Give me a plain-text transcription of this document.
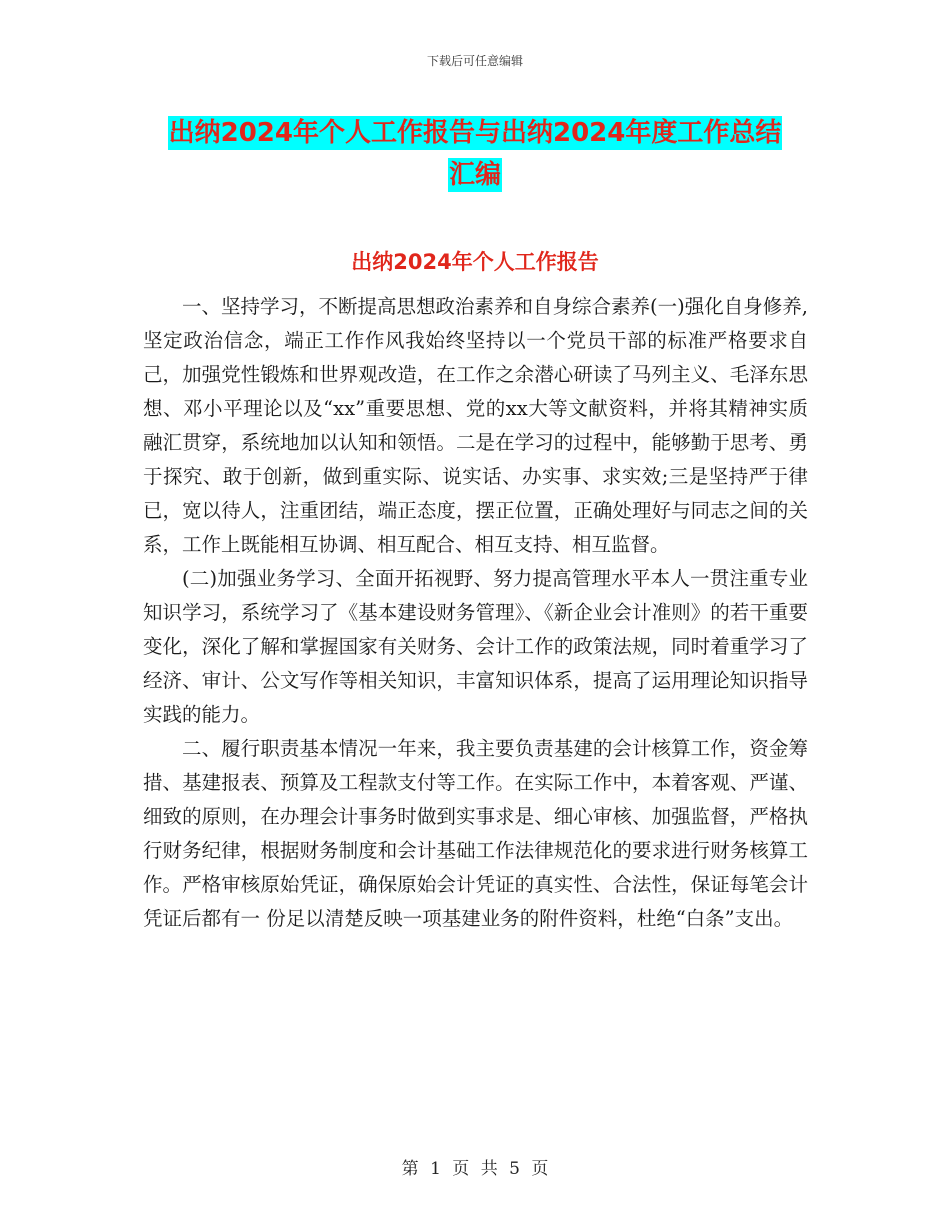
下载后可任意编辑
出纳2024年个人工作报告与出纳2024年度工作总结
汇编
出纳2024年个人工作报告

一、坚持学习，不断提高思想政治素养和自身综合素养(一)强化自身修养,坚定政治信念，端正工作作风我始终坚持以一个党员干部的标准严格要求自己，加强党性锻炼和世界观改造，在工作之余潜心研读了马列主义、毛泽东思想、邓小平理论以及“xx”重要思想、党的xx大等文献资料，并将其精神实质融汇贯穿，系统地加以认知和领悟。二是在学习的过程中，能够勤于思考、勇于探究、敢于创新，做到重实际、说实话、办实事、求实效;三是坚持严于律已，宽以待人，注重团结，端正态度，摆正位置，正确处理好与同志之间的关系，工作上既能相互协调、相互配合、相互支持、相互监督。

(二)加强业务学习、全面开拓视野、努力提高管理水平本人一贯注重专业知识学习，系统学习了《基本建设财务管理》、《新企业会计准则》的若干重要变化，深化了解和掌握国家有关财务、会计工作的政策法规，同时着重学习了经济、审计、公文写作等相关知识，丰富知识体系，提高了运用理论知识指导实践的能力。

二、履行职责基本情况一年来，我主要负责基建的会计核算工作，资金筹措、基建报表、预算及工程款支付等工作。在实际工作中，本着客观、严谨、细致的原则，在办理会计事务时做到实事求是、细心审核、加强监督，严格执行财务纪律，根据财务制度和会计基础工作法律规范化的要求进行财务核算工作。严格审核原始凭证，确保原始会计凭证的真实性、合法性，保证每笔会计凭证后都有一 份足以清楚反映一项基建业务的附件资料，杜绝“白条”支出。

第 1 页 共 5 页
